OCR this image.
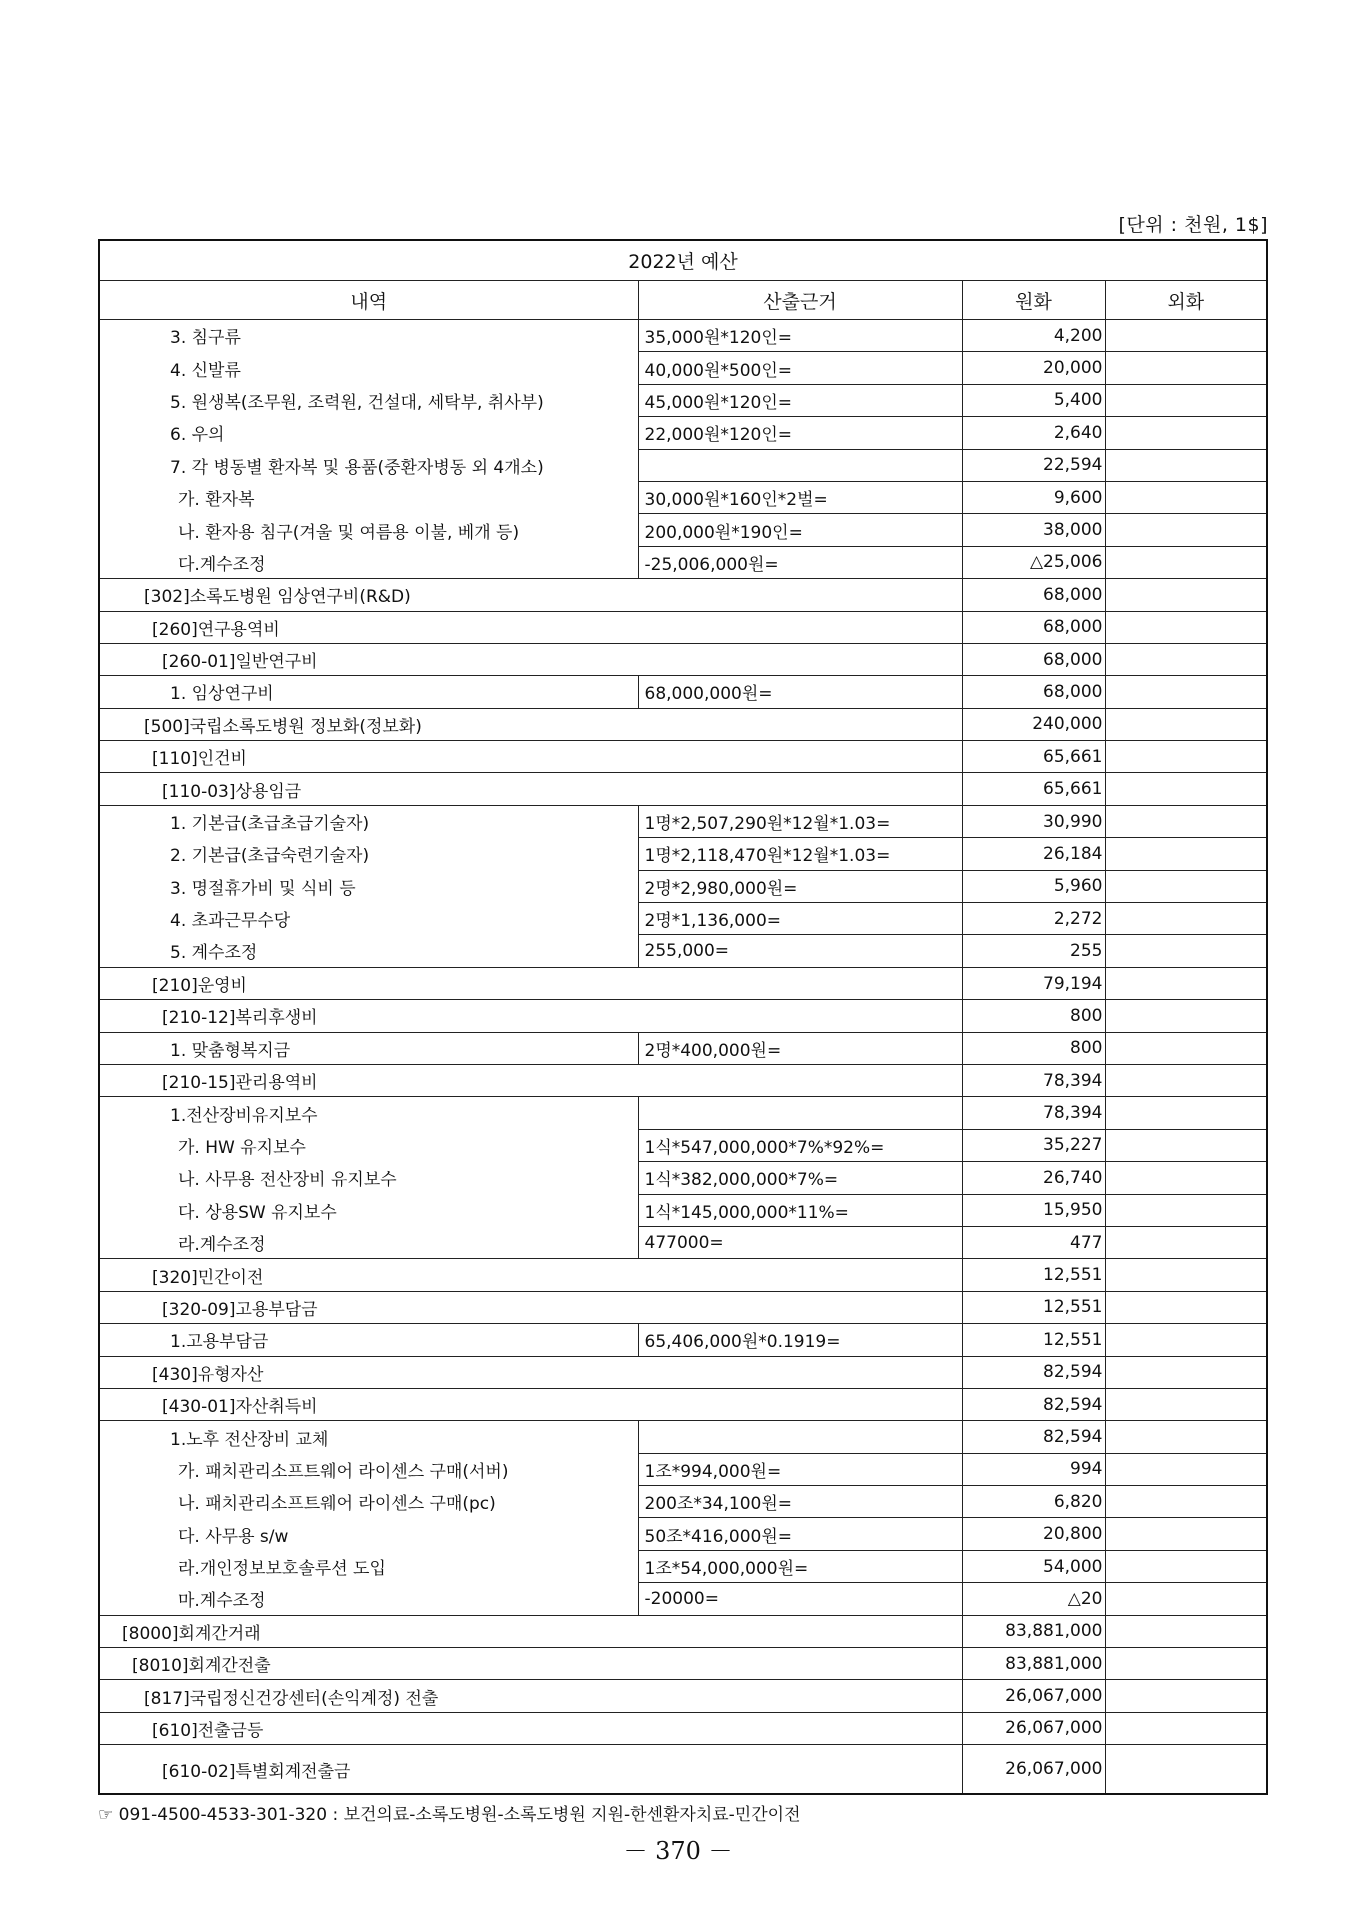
[단위 : 천원, 1$]
2022년 예산			
내역	산출근거	원화	외화
3. 침구류	35,000원*120인=	4,200	
4. 신발류	40,000원*500인=	20,000	
5. 원생복(조무원, 조력원, 건설대, 세탁부, 취사부)	45,000원*120인=	5,400	
6. 우의	22,000원*120인=	2,640	
7. 각 병동별 환자복 및 용품(중환자병동 외 4개소)		22,594	
가. 환자복	30,000원*160인*2벌=	9,600	
나. 환자용 침구(겨울 및 여름용 이불, 베개 등)	200,000원*190인=	38,000	
다.계수조정	-25,006,000원=	△25,006	
[302]소록도병원 임상연구비(R&D)		68,000	
[260]연구용역비		68,000	
[260-01]일반연구비		68,000	
1. 임상연구비	68,000,000원=	68,000	
[500]국립소록도병원 정보화(정보화)		240,000	
[110]인건비		65,661	
[110-03]상용임금		65,661	
1. 기본급(초급초급기술자)	1명*2,507,290원*12월*1.03=	30,990	
2. 기본급(초급숙련기술자)	1명*2,118,470원*12월*1.03=	26,184	
3. 명절휴가비 및 식비 등	2명*2,980,000원=	5,960	
4. 초과근무수당	2명*1,136,000=	2,272	
5. 계수조정	255,000=	255	
[210]운영비		79,194	
[210-12]복리후생비		800	
1. 맞춤형복지금	2명*400,000원=	800	
[210-15]관리용역비		78,394	
1.전산장비유지보수		78,394	
가. HW 유지보수	1식*547,000,000*7%*92%=	35,227	
나. 사무용 전산장비 유지보수	1식*382,000,000*7%=	26,740	
다. 상용SW 유지보수	1식*145,000,000*11%=	15,950	
라.계수조정	477000=	477	
[320]민간이전		12,551	
[320-09]고용부담금		12,551	
1.고용부담금	65,406,000원*0.1919=	12,551	
[430]유형자산		82,594	
[430-01]자산취득비		82,594	
1.노후 전산장비 교체		82,594	
가. 패치관리소프트웨어 라이센스 구매(서버)	1조*994,000원=	994	
나. 패치관리소프트웨어 라이센스 구매(pc)	200조*34,100원=	6,820	
다. 사무용 s/w	50조*416,000원=	20,800	
라.개인정보보호솔루션 도입	1조*54,000,000원=	54,000	
마.계수조정	-20000=	△20	
[8000]회계간거래		83,881,000	
[8010]회계간전출		83,881,000	
[817]국립정신건강센터(손익계정) 전출		26,067,000	
[610]전출금등		26,067,000	
[610-02]특별회계전출금		26,067,000	
☞ 091-4500-4533-301-320 : 보건의료-소록도병원-소록도병원 지원-한센환자치료-민간이전
－ 370 －
